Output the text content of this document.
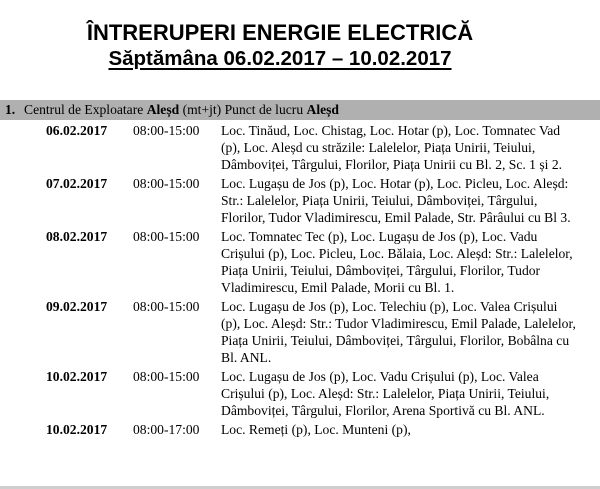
ÎNTRERUPERI ENERGIE ELECTRICĂ
Săptămâna 06.02.2017 – 10.02.2017
1. Centrul de Exploatare Aleșd (mt+jt) Punct de lucru Aleșd
06.02.2017	08:00-15:00	Loc. Tinăud, Loc. Chistag, Loc. Hotar (p), Loc. Tomnatec Vad (p), Loc. Aleșd cu străzile: Lalelelor, Piața Unirii, Teiului, Dâmboviței, Târgului, Florilor, Piața Unirii cu Bl. 2, Sc. 1 și 2.
07.02.2017	08:00-15:00	Loc. Lugașu de Jos (p), Loc. Hotar (p), Loc. Picleu, Loc. Aleșd: Str.: Lalelelor, Piața Unirii, Teiului, Dâmboviței, Târgului, Florilor, Tudor Vladimirescu, Emil Palade, Str. Pârâului cu Bl 3.
08.02.2017	08:00-15:00	Loc. Tomnatec Tec (p), Loc. Lugașu de Jos (p), Loc. Vadu Crișului (p), Loc. Picleu, Loc. Bălaia, Loc. Aleșd: Str.: Lalelelor, Piața Unirii, Teiului, Dâmboviței, Târgului, Florilor, Tudor Vladimirescu, Emil Palade, Morii cu Bl. 1.
09.02.2017	08:00-15:00	Loc. Lugașu de Jos (p), Loc. Telechiu (p), Loc. Valea Crișului (p), Loc. Aleșd: Str.: Tudor Vladimirescu, Emil Palade, Lalelelor, Piața Unirii, Teiului, Dâmboviței, Târgului, Florilor, Bobâlna cu Bl. ANL.
10.02.2017	08:00-15:00	Loc. Lugașu de Jos (p), Loc. Vadu Crișului (p), Loc. Valea Crișului (p), Loc. Aleșd: Str.: Lalelelor, Piața Unirii, Teiului, Dâmboviței, Târgului, Florilor, Arena Sportivă cu Bl. ANL.
10.02.2017	08:00-17:00	Loc. Remeți (p), Loc. Munteni (p),
